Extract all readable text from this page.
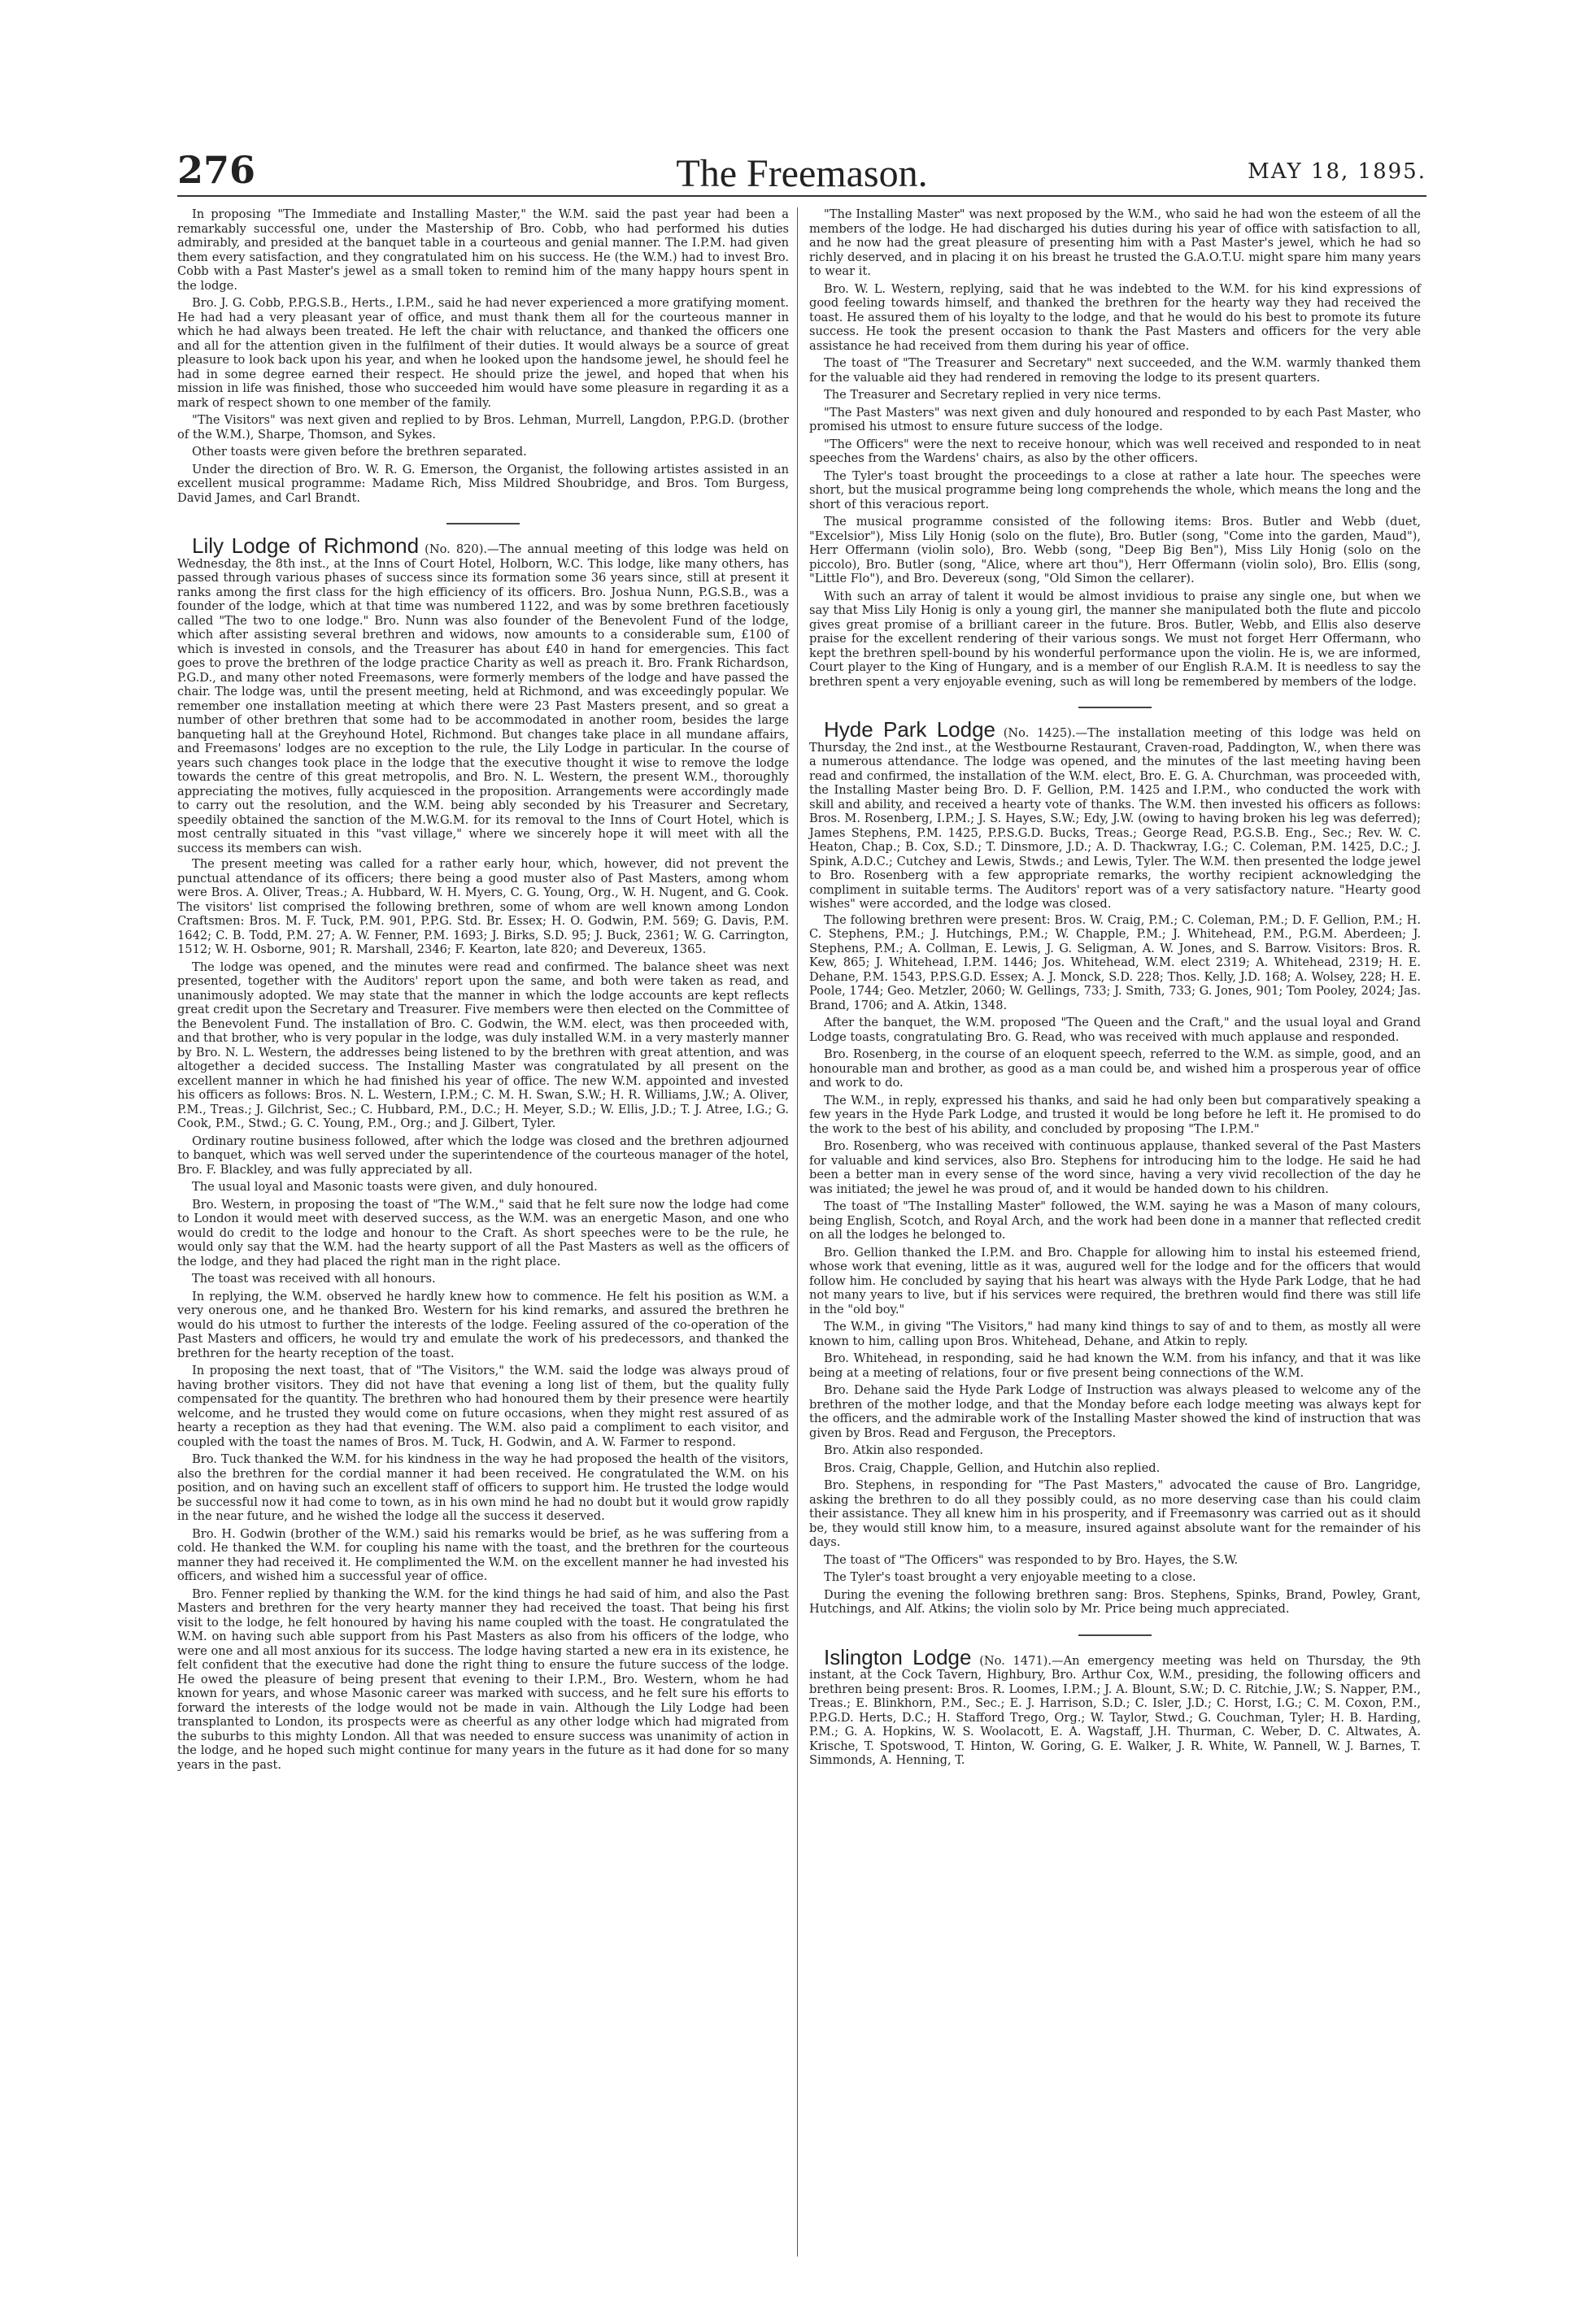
276	The Freemason.	MAY 18, 1895.

In proposing "The Immediate and Installing Master," the W.M. said the past year had been a remarkably successful one, under the Mastership of Bro. Cobb, who had performed his duties admirably, and presided at the banquet table in a courteous and genial manner. The I.P.M. had given them every satisfaction, and they congratulated him on his success. He (the W.M.) had to invest Bro. Cobb with a Past Master's jewel as a small token to remind him of the many happy hours spent in the lodge.

Bro. J. G. Cobb, P.P.G.S.B., Herts., I.P.M., said he had never experienced a more gratifying moment. He had had a very pleasant year of office, and must thank them all for the courteous manner in which he had always been treated. He left the chair with reluctance, and thanked the officers one and all for the attention given in the fulfilment of their duties. It would always be a source of great pleasure to look back upon his year, and when he looked upon the handsome jewel, he should feel he had in some degree earned their respect. He should prize the jewel, and hoped that when his mission in life was finished, those who succeeded him would have some pleasure in regarding it as a mark of respect shown to one member of the family.

"The Visitors" was next given and replied to by Bros. Lehman, Murrell, Langdon, P.P.G.D. (brother of the W.M.), Sharpe, Thomson, and Sykes.

Other toasts were given before the brethren separated.

Under the direction of Bro. W. R. G. Emerson, the Organist, the following artistes assisted in an excellent musical programme: Madame Rich, Miss Mildred Shoubridge, and Bros. Tom Burgess, David James, and Carl Brandt.

Lily Lodge of Richmond (No. 820).—The annual meeting of this lodge was held on Wednesday, the 8th inst., at the Inns of Court Hotel, Holborn, W.C. This lodge, like many others, has passed through various phases of success since its formation some 36 years since, still at present it ranks among the first class for the high efficiency of its officers. Bro. Joshua Nunn, P.G.S.B., was a founder of the lodge, which at that time was numbered 1122, and was by some brethren facetiously called "The two to one lodge." Bro. Nunn was also founder of the Benevolent Fund of the lodge, which after assisting several brethren and widows, now amounts to a considerable sum, £100 of which is invested in consols, and the Treasurer has about £40 in hand for emergencies. This fact goes to prove the brethren of the lodge practice Charity as well as preach it. Bro. Frank Richardson, P.G.D., and many other noted Freemasons, were formerly members of the lodge and have passed the chair. The lodge was, until the present meeting, held at Richmond, and was exceedingly popular. We remember one installation meeting at which there were 23 Past Masters present, and so great a number of other brethren that some had to be accommodated in another room, besides the large banqueting hall at the Greyhound Hotel, Richmond. But changes take place in all mundane affairs, and Freemasons' lodges are no exception to the rule, the Lily Lodge in particular. In the course of years such changes took place in the lodge that the executive thought it wise to remove the lodge towards the centre of this great metropolis, and Bro. N. L. Western, the present W.M., thoroughly appreciating the motives, fully acquiesced in the proposition. Arrangements were accordingly made to carry out the resolution, and the W.M. being ably seconded by his Treasurer and Secretary, speedily obtained the sanction of the M.W.G.M. for its removal to the Inns of Court Hotel, which is most centrally situated in this "vast village," where we sincerely hope it will meet with all the success its members can wish.

The present meeting was called for a rather early hour, which, however, did not prevent the punctual attendance of its officers; there being a good muster also of Past Masters, among whom were Bros. A. Oliver, Treas.; A. Hubbard, W. H. Myers, C. G. Young, Org., W. H. Nugent, and G. Cook. The visitors' list comprised the following brethren, some of whom are well known among London Craftsmen: Bros. M. F. Tuck, P.M. 901, P.P.G. Std. Br. Essex; H. O. Godwin, P.M. 569; G. Davis, P.M. 1642; C. B. Todd, P.M. 27; A. W. Fenner, P.M. 1693; J. Birks, S.D. 95; J. Buck, 2361; W. G. Carrington, 1512; W. H. Osborne, 901; R. Marshall, 2346; F. Kearton, late 820; and Devereux, 1365.

The lodge was opened, and the minutes were read and confirmed. The balance sheet was next presented, together with the Auditors' report upon the same, and both were taken as read, and unanimously adopted. We may state that the manner in which the lodge accounts are kept reflects great credit upon the Secretary and Treasurer. Five members were then elected on the Committee of the Benevolent Fund. The installation of Bro. C. Godwin, the W.M. elect, was then proceeded with, and that brother, who is very popular in the lodge, was duly installed W.M. in a very masterly manner by Bro. N. L. Western, the addresses being listened to by the brethren with great attention, and was altogether a decided success. The Installing Master was congratulated by all present on the excellent manner in which he had finished his year of office. The new W.M. appointed and invested his officers as follows: Bros. N. L. Western, I.P.M.; C. M. H. Swan, S.W.; H. R. Williams, J.W.; A. Oliver, P.M., Treas.; J. Gilchrist, Sec.; C. Hubbard, P.M., D.C.; H. Meyer, S.D.; W. Ellis, J.D.; T. J. Atree, I.G.; G. Cook, P.M., Stwd.; G. C. Young, P.M., Org.; and J. Gilbert, Tyler.

Ordinary routine business followed, after which the lodge was closed and the brethren adjourned to banquet, which was well served under the superintendence of the courteous manager of the hotel, Bro. F. Blackley, and was fully appreciated by all.

The usual loyal and Masonic toasts were given, and duly honoured.

Bro. Western, in proposing the toast of "The W.M.," said that he felt sure now the lodge had come to London it would meet with deserved success, as the W.M. was an energetic Mason, and one who would do credit to the lodge and honour to the Craft. As short speeches were to be the rule, he would only say that the W.M. had the hearty support of all the Past Masters as well as the officers of the lodge, and they had placed the right man in the right place.

The toast was received with all honours.

In replying, the W.M. observed he hardly knew how to commence. He felt his position as W.M. a very onerous one, and he thanked Bro. Western for his kind remarks, and assured the brethren he would do his utmost to further the interests of the lodge. Feeling assured of the co-operation of the Past Masters and officers, he would try and emulate the work of his predecessors, and thanked the brethren for the hearty reception of the toast.

In proposing the next toast, that of "The Visitors," the W.M. said the lodge was always proud of having brother visitors. They did not have that evening a long list of them, but the quality fully compensated for the quantity. The brethren who had honoured them by their presence were heartily welcome, and he trusted they would come on future occasions, when they might rest assured of as hearty a reception as they had that evening. The W.M. also paid a compliment to each visitor, and coupled with the toast the names of Bros. M. Tuck, H. Godwin, and A. W. Farmer to respond.

Bro. Tuck thanked the W.M. for his kindness in the way he had proposed the health of the visitors, also the brethren for the cordial manner it had been received. He congratulated the W.M. on his position, and on having such an excellent staff of officers to support him. He trusted the lodge would be successful now it had come to town, as in his own mind he had no doubt but it would grow rapidly in the near future, and he wished the lodge all the success it deserved.

Bro. H. Godwin (brother of the W.M.) said his remarks would be brief, as he was suffering from a cold. He thanked the W.M. for coupling his name with the toast, and the brethren for the courteous manner they had received it. He complimented the W.M. on the excellent manner he had invested his officers, and wished him a successful year of office.

Bro. Fenner replied by thanking the W.M. for the kind things he had said of him, and also the Past Masters and brethren for the very hearty manner they had received the toast. That being his first visit to the lodge, he felt honoured by having his name coupled with the toast. He congratulated the W.M. on having such able support from his Past Masters as also from his officers of the lodge, who were one and all most anxious for its success. The lodge having started a new era in its existence, he felt confident that the executive had done the right thing to ensure the future success of the lodge. He owed the pleasure of being present that evening to their I.P.M., Bro. Western, whom he had known for years, and whose Masonic career was marked with success, and he felt sure his efforts to forward the interests of the lodge would not be made in vain. Although the Lily Lodge had been transplanted to London, its prospects were as cheerful as any other lodge which had migrated from the suburbs to this mighty London. All that was needed to ensure success was unanimity of action in the lodge, and he hoped such might continue for many years in the future as it had done for so many years in the past.

"The Installing Master" was next proposed by the W.M., who said he had won the esteem of all the members of the lodge. He had discharged his duties during his year of office with satisfaction to all, and he now had the great pleasure of presenting him with a Past Master's jewel, which he had so richly deserved, and in placing it on his breast he trusted the G.A.O.T.U. might spare him many years to wear it.

Bro. W. L. Western, replying, said that he was indebted to the W.M. for his kind expressions of good feeling towards himself, and thanked the brethren for the hearty way they had received the toast. He assured them of his loyalty to the lodge, and that he would do his best to promote its future success. He took the present occasion to thank the Past Masters and officers for the very able assistance he had received from them during his year of office.

The toast of "The Treasurer and Secretary" next succeeded, and the W.M. warmly thanked them for the valuable aid they had rendered in removing the lodge to its present quarters.

The Treasurer and Secretary replied in very nice terms.

"The Past Masters" was next given and duly honoured and responded to by each Past Master, who promised his utmost to ensure future success of the lodge.

"The Officers" were the next to receive honour, which was well received and responded to in neat speeches from the Wardens' chairs, as also by the other officers.

The Tyler's toast brought the proceedings to a close at rather a late hour. The speeches were short, but the musical programme being long comprehends the whole, which means the long and the short of this veracious report.

The musical programme consisted of the following items: Bros. Butler and Webb (duet, "Excelsior"), Miss Lily Honig (solo on the flute), Bro. Butler (song, "Come into the garden, Maud"), Herr Offermann (violin solo), Bro. Webb (song, "Deep Big Ben"), Miss Lily Honig (solo on the piccolo), Bro. Butler (song, "Alice, where art thou"), Herr Offermann (violin solo), Bro. Ellis (song, "Little Flo"), and Bro. Devereux (song, "Old Simon the cellarer).

With such an array of talent it would be almost invidious to praise any single one, but when we say that Miss Lily Honig is only a young girl, the manner she manipulated both the flute and piccolo gives great promise of a brilliant career in the future. Bros. Butler, Webb, and Ellis also deserve praise for the excellent rendering of their various songs. We must not forget Herr Offermann, who kept the brethren spell-bound by his wonderful performance upon the violin. He is, we are informed, Court player to the King of Hungary, and is a member of our English R.A.M. It is needless to say the brethren spent a very enjoyable evening, such as will long be remembered by members of the lodge.

Hyde Park Lodge (No. 1425).—The installation meeting of this lodge was held on Thursday, the 2nd inst., at the Westbourne Restaurant, Craven-road, Paddington, W., when there was a numerous attendance. The lodge was opened, and the minutes of the last meeting having been read and confirmed, the installation of the W.M. elect, Bro. E. G. A. Churchman, was proceeded with, the Installing Master being Bro. D. F. Gellion, P.M. 1425 and I.P.M., who conducted the work with skill and ability, and received a hearty vote of thanks. The W.M. then invested his officers as follows: Bros. M. Rosenberg, I.P.M.; J. S. Hayes, S.W.; Edy, J.W. (owing to having broken his leg was deferred); James Stephens, P.M. 1425, P.P.S.G.D. Bucks, Treas.; George Read, P.G.S.B. Eng., Sec.; Rev. W. C. Heaton, Chap.; B. Cox, S.D.; T. Dinsmore, J.D.; A. D. Thackwray, I.G.; C. Coleman, P.M. 1425, D.C.; J. Spink, A.D.C.; Cutchey and Lewis, Stwds.; and Lewis, Tyler. The W.M. then presented the lodge jewel to Bro. Rosenberg with a few appropriate remarks, the worthy recipient acknowledging the compliment in suitable terms. The Auditors' report was of a very satisfactory nature. "Hearty good wishes" were accorded, and the lodge was closed.

The following brethren were present: Bros. W. Craig, P.M.; C. Coleman, P.M.; D. F. Gellion, P.M.; H. C. Stephens, P.M.; J. Hutchings, P.M.; W. Chapple, P.M.; J. Whitehead, P.M., P.G.M. Aberdeen; J. Stephens, P.M.; A. Collman, E. Lewis, J. G. Seligman, A. W. Jones, and S. Barrow. Visitors: Bros. R. Kew, 865; J. Whitehead, I.P.M. 1446; Jos. Whitehead, W.M. elect 2319; A. Whitehead, 2319; H. E. Dehane, P.M. 1543, P.P.S.G.D. Essex; A. J. Monck, S.D. 228; Thos. Kelly, J.D. 168; A. Wolsey, 228; H. E. Poole, 1744; Geo. Metzler, 2060; W. Gellings, 733; J. Smith, 733; G. Jones, 901; Tom Pooley, 2024; Jas. Brand, 1706; and A. Atkin, 1348.

After the banquet, the W.M. proposed "The Queen and the Craft," and the usual loyal and Grand Lodge toasts, congratulating Bro. G. Read, who was received with much applause and responded.

Bro. Rosenberg, in the course of an eloquent speech, referred to the W.M. as simple, good, and an honourable man and brother, as good as a man could be, and wished him a prosperous year of office and work to do.

The W.M., in reply, expressed his thanks, and said he had only been but comparatively speaking a few years in the Hyde Park Lodge, and trusted it would be long before he left it. He promised to do the work to the best of his ability, and concluded by proposing "The I.P.M."

Bro. Rosenberg, who was received with continuous applause, thanked several of the Past Masters for valuable and kind services, also Bro. Stephens for introducing him to the lodge. He said he had been a better man in every sense of the word since, having a very vivid recollection of the day he was initiated; the jewel he was proud of, and it would be handed down to his children.

The toast of "The Installing Master" followed, the W.M. saying he was a Mason of many colours, being English, Scotch, and Royal Arch, and the work had been done in a manner that reflected credit on all the lodges he belonged to.

Bro. Gellion thanked the I.P.M. and Bro. Chapple for allowing him to instal his esteemed friend, whose work that evening, little as it was, augured well for the lodge and for the officers that would follow him. He concluded by saying that his heart was always with the Hyde Park Lodge, that he had not many years to live, but if his services were required, the brethren would find there was still life in the "old boy."

The W.M., in giving "The Visitors," had many kind things to say of and to them, as mostly all were known to him, calling upon Bros. Whitehead, Dehane, and Atkin to reply.

Bro. Whitehead, in responding, said he had known the W.M. from his infancy, and that it was like being at a meeting of relations, four or five present being connections of the W.M.

Bro. Dehane said the Hyde Park Lodge of Instruction was always pleased to welcome any of the brethren of the mother lodge, and that the Monday before each lodge meeting was always kept for the officers, and the admirable work of the Installing Master showed the kind of instruction that was given by Bros. Read and Ferguson, the Preceptors.

Bro. Atkin also responded.

Bros. Craig, Chapple, Gellion, and Hutchin also replied.

Bro. Stephens, in responding for "The Past Masters," advocated the cause of Bro. Langridge, asking the brethren to do all they possibly could, as no more deserving case than his could claim their assistance. They all knew him in his prosperity, and if Freemasonry was carried out as it should be, they would still know him, to a measure, insured against absolute want for the remainder of his days.

The toast of "The Officers" was responded to by Bro. Hayes, the S.W.

The Tyler's toast brought a very enjoyable meeting to a close.

During the evening the following brethren sang: Bros. Stephens, Spinks, Brand, Powley, Grant, Hutchings, and Alf. Atkins; the violin solo by Mr. Price being much appreciated.

Islington Lodge (No. 1471).—An emergency meeting was held on Thursday, the 9th instant, at the Cock Tavern, Highbury, Bro. Arthur Cox, W.M., presiding, the following officers and brethren being present: Bros. R. Loomes, I.P.M.; J. A. Blount, S.W.; D. C. Ritchie, J.W.; S. Napper, P.M., Treas.; E. Blinkhorn, P.M., Sec.; E. J. Harrison, S.D.; C. Isler, J.D.; C. Horst, I.G.; C. M. Coxon, P.M., P.P.G.D. Herts, D.C.; H. Stafford Trego, Org.; W. Taylor, Stwd.; G. Couchman, Tyler; H. B. Harding, P.M.; G. A. Hopkins, W. S. Woolacott, E. A. Wagstaff, J.H. Thurman, C. Weber, D. C. Altwates, A. Krische, T. Spotswood, T. Hinton, W. Goring, G. E. Walker, J. R. White, W. Pannell, W. J. Barnes, T. Simmonds, A. Henning, T.
